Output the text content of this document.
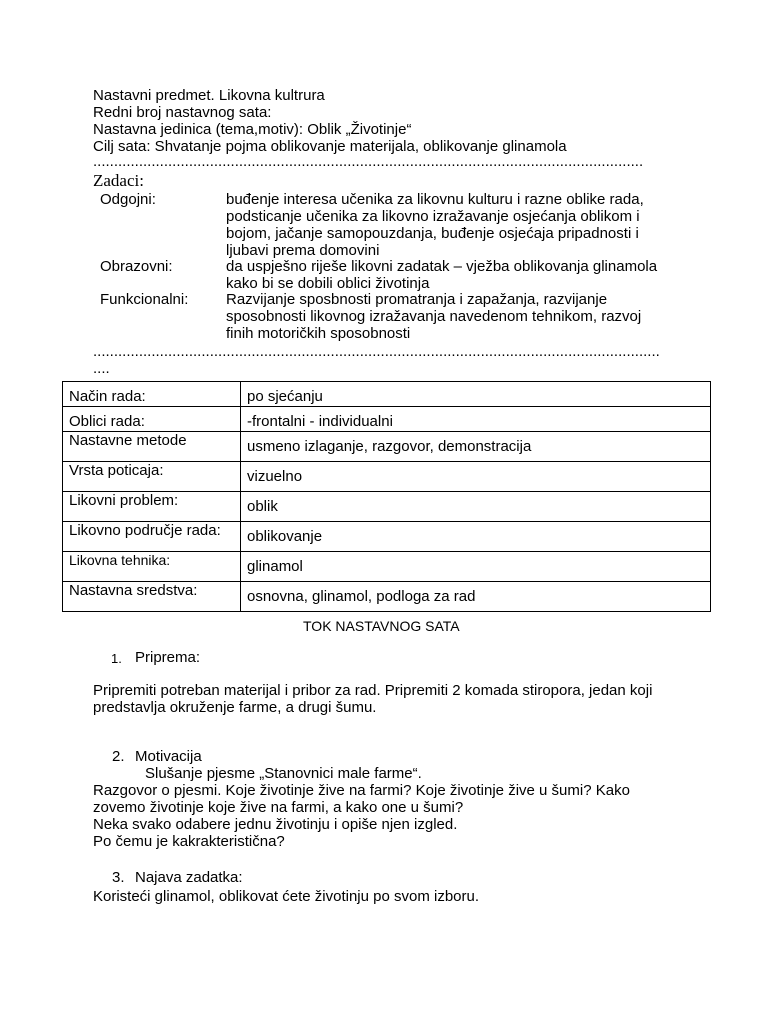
Nastavni predmet. Likovna kultrura
Redni broj nastavnog sata:
Nastavna jedinica (tema,motiv): Oblik „Životinje“
Cilj sata: Shvatanje pojma oblikovanje materijala, oblikovanje glinamola
....................................................................................................................................
Zadaci:
Odgojni:	buđenje interesa učenika za likovnu kulturu i razne oblike rada,
podsticanje učenika za likovno izražavanje osjećanja oblikom i
bojom, jačanje samopouzdanja, buđenje osjećaja pripadnosti i
ljubavi prema domovini
Obrazovni:	da uspješno riješe likovni zadatak – vježba oblikovanja glinamola
kako bi se dobili oblici životinja
Funkcionalni:	Razvijanje sposbnosti promatranja i zapažanja, razvijanje
sposobnosti likovnog izražavanja navedenom tehnikom, razvoj
finih motoričkih sposobnosti
........................................................................................................................................
....
Način rada:	po sjećanju
Oblici rada:	-frontalni - individualni
Nastavne metode	usmeno izlaganje, razgovor, demonstracija
Vrsta poticaja:	vizuelno
Likovni problem:	oblik
Likovno područje rada:	oblikovanje
Likovna tehnika:	glinamol
Nastavna sredstva:	osnovna, glinamol, podloga za rad
TOK NASTAVNOG SATA
1. Priprema:
Pripremiti potreban materijal i pribor za rad. Pripremiti 2 komada stiropora, jedan koji
predstavlja okruženje farme, a drugi šumu.
2. Motivacija
Slušanje pjesme „Stanovnici male farme“.
Razgovor o pjesmi. Koje životinje žive na farmi? Koje životinje žive u šumi? Kako
zovemo životinje koje žive na farmi, a kako one u šumi?
Neka svako odabere jednu životinju i opiše njen izgled.
Po čemu je kakrakteristična?
3. Najava zadatka:
Koristeći glinamol, oblikovat ćete životinju po svom izboru.
